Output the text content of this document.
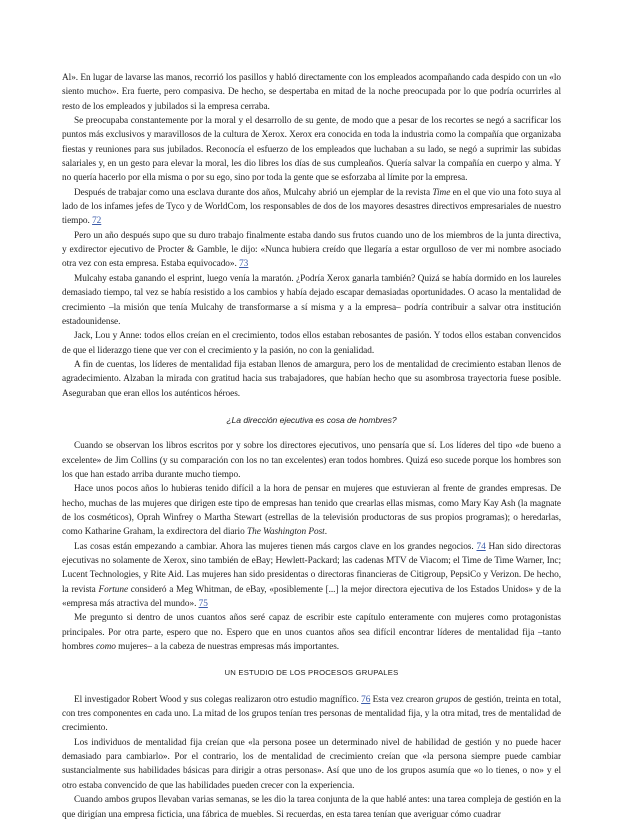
Al». En lugar de lavarse las manos, recorrió los pasillos y habló directamente con los empleados acompañando cada despido con un «lo siento mucho». Era fuerte, pero compasiva. De hecho, se despertaba en mitad de la noche preocupada por lo que podría ocurrirles al resto de los empleados y jubilados si la empresa cerraba.

Se preocupaba constantemente por la moral y el desarrollo de su gente, de modo que a pesar de los recortes se negó a sacrificar los puntos más exclusivos y maravillosos de la cultura de Xerox. Xerox era conocida en toda la industria como la compañía que organizaba fiestas y reuniones para sus jubilados. Reconocía el esfuerzo de los empleados que luchaban a su lado, se negó a suprimir las subidas salariales y, en un gesto para elevar la moral, les dio libres los días de sus cumpleaños. Quería salvar la compañía en cuerpo y alma. Y no quería hacerlo por ella misma o por su ego, sino por toda la gente que se esforzaba al límite por la empresa.

Después de trabajar como una esclava durante dos años, Mulcahy abrió un ejemplar de la revista Time en el que vio una foto suya al lado de los infames jefes de Tyco y de WorldCom, los responsables de dos de los mayores desastres directivos empresariales de nuestro tiempo. 72

Pero un año después supo que su duro trabajo finalmente estaba dando sus frutos cuando uno de los miembros de la junta directiva, y exdirector ejecutivo de Procter & Gamble, le dijo: «Nunca hubiera creído que llegaría a estar orgulloso de ver mi nombre asociado otra vez con esta empresa. Estaba equivocado». 73

Mulcahy estaba ganando el esprint, luego venía la maratón. ¿Podría Xerox ganarla también? Quizá se había dormido en los laureles demasiado tiempo, tal vez se había resistido a los cambios y había dejado escapar demasiadas oportunidades. O acaso la mentalidad de crecimiento –la misión que tenía Mulcahy de transformarse a sí misma y a la empresa– podría contribuir a salvar otra institución estadounidense.

Jack, Lou y Anne: todos ellos creían en el crecimiento, todos ellos estaban rebosantes de pasión. Y todos ellos estaban convencidos de que el liderazgo tiene que ver con el crecimiento y la pasión, no con la genialidad.

A fin de cuentas, los líderes de mentalidad fija estaban llenos de amargura, pero los de mentalidad de crecimiento estaban llenos de agradecimiento. Alzaban la mirada con gratitud hacia sus trabajadores, que habían hecho que su asombrosa trayectoria fuese posible. Aseguraban que eran ellos los auténticos héroes.

¿La dirección ejecutiva es cosa de hombres?

Cuando se observan los libros escritos por y sobre los directores ejecutivos, uno pensaría que sí. Los líderes del tipo «de bueno a excelente» de Jim Collins (y su comparación con los no tan excelentes) eran todos hombres. Quizá eso sucede porque los hombres son los que han estado arriba durante mucho tiempo.

Hace unos pocos años lo hubieras tenido difícil a la hora de pensar en mujeres que estuvieran al frente de grandes empresas. De hecho, muchas de las mujeres que dirigen este tipo de empresas han tenido que crearlas ellas mismas, como Mary Kay Ash (la magnate de los cosméticos), Oprah Winfrey o Martha Stewart (estrellas de la televisión productoras de sus propios programas); o heredarlas, como Katharine Graham, la exdirectora del diario The Washington Post.

Las cosas están empezando a cambiar. Ahora las mujeres tienen más cargos clave en los grandes negocios. 74 Han sido directoras ejecutivas no solamente de Xerox, sino también de eBay; Hewlett-Packard; las cadenas MTV de Viacom; el Time de Time Warner, Inc; Lucent Technologies, y Rite Aid. Las mujeres han sido presidentas o directoras financieras de Citigroup, PepsiCo y Verizon. De hecho, la revista Fortune consideró a Meg Whitman, de eBay, «posiblemente [...] la mejor directora ejecutiva de los Estados Unidos» y de la «empresa más atractiva del mundo». 75

Me pregunto si dentro de unos cuantos años seré capaz de escribir este capítulo enteramente con mujeres como protagonistas principales. Por otra parte, espero que no. Espero que en unos cuantos años sea difícil encontrar líderes de mentalidad fija –tanto hombres como mujeres– a la cabeza de nuestras empresas más importantes.

UN ESTUDIO DE LOS PROCESOS GRUPALES

El investigador Robert Wood y sus colegas realizaron otro estudio magnífico. 76 Esta vez crearon grupos de gestión, treinta en total, con tres componentes en cada uno. La mitad de los grupos tenían tres personas de mentalidad fija, y la otra mitad, tres de mentalidad de crecimiento.

Los individuos de mentalidad fija creían que «la persona posee un determinado nivel de habilidad de gestión y no puede hacer demasiado para cambiarlo». Por el contrario, los de mentalidad de crecimiento creían que «la persona siempre puede cambiar sustancialmente sus habilidades básicas para dirigir a otras personas». Así que uno de los grupos asumía que «o lo tienes, o no» y el otro estaba convencido de que las habilidades pueden crecer con la experiencia.

Cuando ambos grupos llevaban varias semanas, se les dio la tarea conjunta de la que hablé antes: una tarea compleja de gestión en la que dirigían una empresa ficticia, una fábrica de muebles. Si recuerdas, en esta tarea tenían que averiguar cómo cuadrar
